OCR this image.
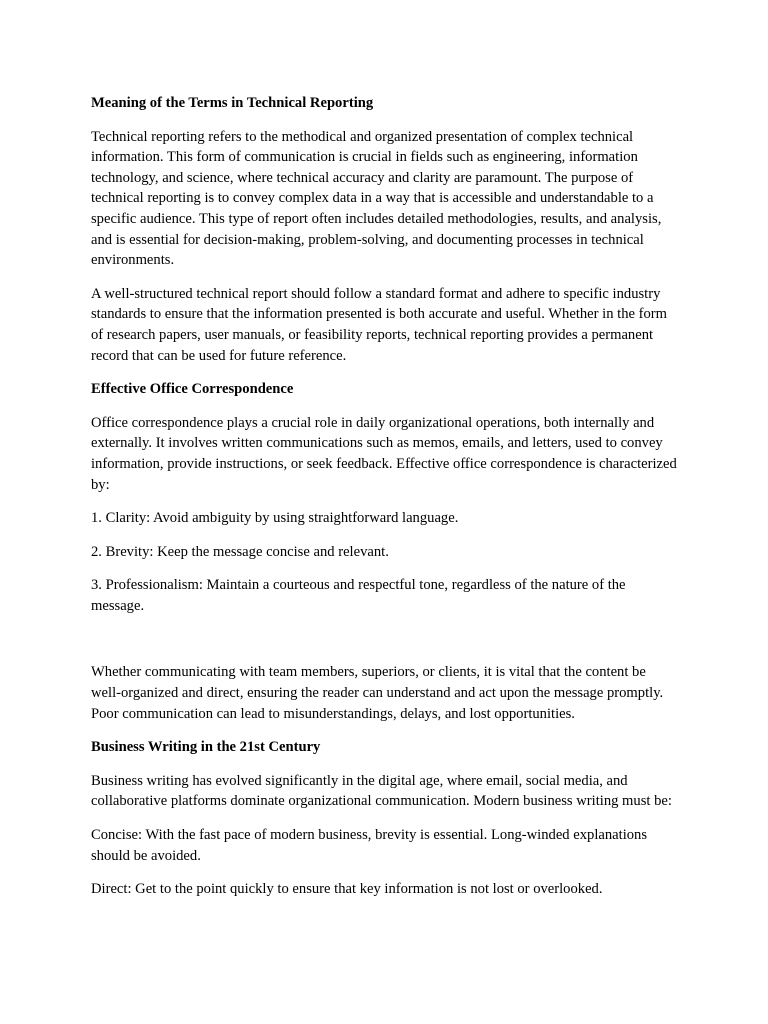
Meaning of the Terms in Technical Reporting

Technical reporting refers to the methodical and organized presentation of complex technical information. This form of communication is crucial in fields such as engineering, information technology, and science, where technical accuracy and clarity are paramount. The purpose of technical reporting is to convey complex data in a way that is accessible and understandable to a specific audience. This type of report often includes detailed methodologies, results, and analysis, and is essential for decision-making, problem-solving, and documenting processes in technical environments.

A well-structured technical report should follow a standard format and adhere to specific industry standards to ensure that the information presented is both accurate and useful. Whether in the form of research papers, user manuals, or feasibility reports, technical reporting provides a permanent record that can be used for future reference.

Effective Office Correspondence

Office correspondence plays a crucial role in daily organizational operations, both internally and externally. It involves written communications such as memos, emails, and letters, used to convey information, provide instructions, or seek feedback. Effective office correspondence is characterized by:

1. Clarity: Avoid ambiguity by using straightforward language.

2. Brevity: Keep the message concise and relevant.

3. Professionalism: Maintain a courteous and respectful tone, regardless of the nature of the message.

Whether communicating with team members, superiors, or clients, it is vital that the content be well-organized and direct, ensuring the reader can understand and act upon the message promptly. Poor communication can lead to misunderstandings, delays, and lost opportunities.

Business Writing in the 21st Century

Business writing has evolved significantly in the digital age, where email, social media, and collaborative platforms dominate organizational communication. Modern business writing must be:

Concise: With the fast pace of modern business, brevity is essential. Long-winded explanations should be avoided.

Direct: Get to the point quickly to ensure that key information is not lost or overlooked.
